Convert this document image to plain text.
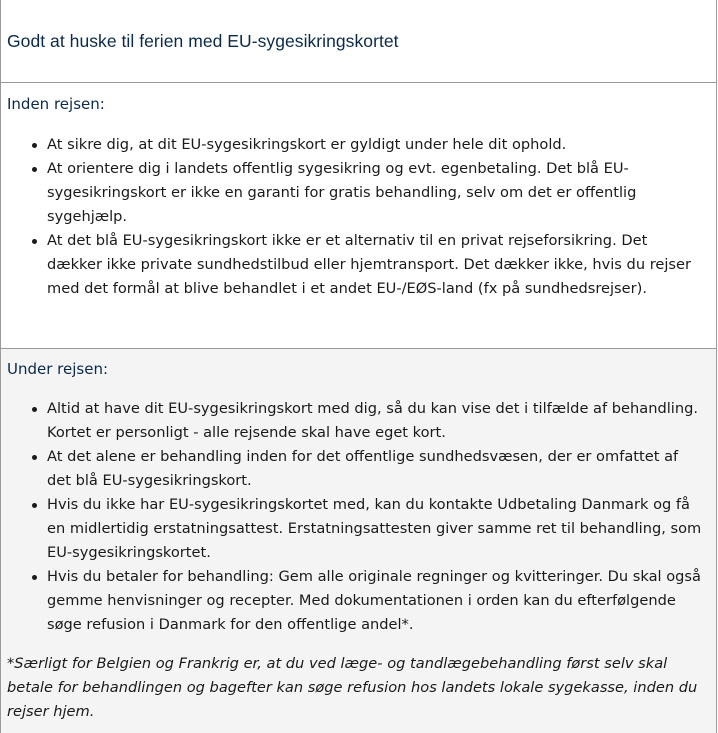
Godt at huske til ferien med EU-sygesikringskortet
Inden rejsen:
At sikre dig, at dit EU-sygesikringskort er gyldigt under hele dit ophold.
At orientere dig i landets offentlig sygesikring og evt. egenbetaling. Det blå EU-sygesikringskort er ikke en garanti for gratis behandling, selv om det er offentlig sygehjælp.
At det blå EU-sygesikringskort ikke er et alternativ til en privat rejseforsikring. Det dækker ikke private sundhedstilbud eller hjemtransport. Det dækker ikke, hvis du rejser med det formål at blive behandlet i et andet EU-/EØS-land (fx på sundhedsrejser).
Under rejsen:
Altid at have dit EU-sygesikringskort med dig, så du kan vise det i tilfælde af behandling. Kortet er personligt - alle rejsende skal have eget kort.
At det alene er behandling inden for det offentlige sundhedsvæsen, der er omfattet af det blå EU-sygesikringskort.
Hvis du ikke har EU-sygesikringskortet med, kan du kontakte Udbetaling Danmark og få en midlertidig erstatningsattest. Erstatningsattesten giver samme ret til behandling, som EU-sygesikringskortet.
Hvis du betaler for behandling: Gem alle originale regninger og kvitteringer. Du skal også gemme henvisninger og recepter. Med dokumentationen i orden kan du efterfølgende søge refusion i Danmark for den offentlige andel*.

*Særligt for Belgien og Frankrig er, at du ved læge- og tandlægebehandling først selv skal betale for behandlingen og bagefter kan søge refusion hos landets lokale sygekasse, inden du rejser hjem.
